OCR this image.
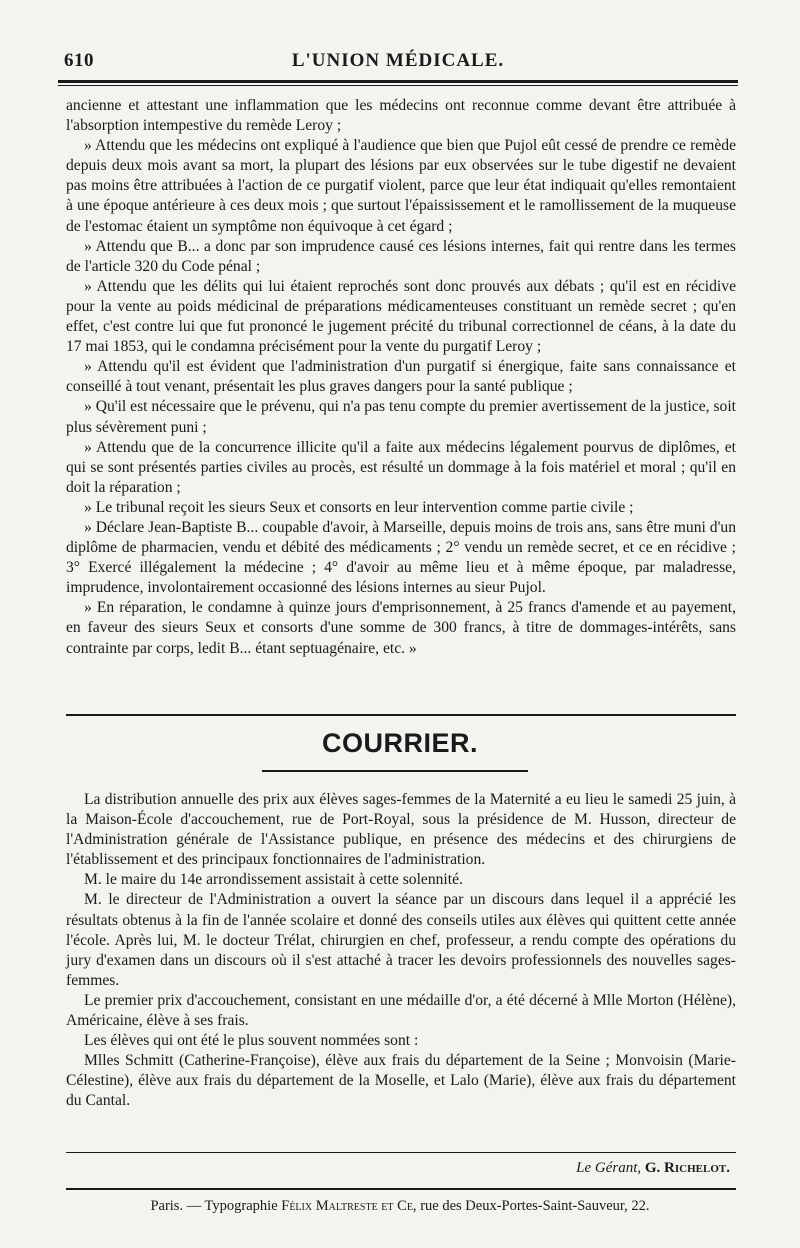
610	L'UNION MÉDICALE.

ancienne et attestant une inflammation que les médecins ont reconnue comme devant être attribuée à l'absorption intempestive du remède Leroy ;

» Attendu que les médecins ont expliqué à l'audience que bien que Pujol eût cessé de prendre ce remède depuis deux mois avant sa mort, la plupart des lésions par eux observées sur le tube digestif ne devaient pas moins être attribuées à l'action de ce purgatif violent, parce que leur état indiquait qu'elles remontaient à une époque antérieure à ces deux mois ; que surtout l'épaississement et le ramollissement de la muqueuse de l'estomac étaient un symptôme non équivoque à cet égard ;

» Attendu que B... a donc par son imprudence causé ces lésions internes, fait qui rentre dans les termes de l'article 320 du Code pénal ;

» Attendu que les délits qui lui étaient reprochés sont donc prouvés aux débats ; qu'il est en récidive pour la vente au poids médicinal de préparations médicamenteuses constituant un remède secret ; qu'en effet, c'est contre lui que fut prononcé le jugement précité du tribunal correctionnel de céans, à la date du 17 mai 1853, qui le condamna précisément pour la vente du purgatif Leroy ;

» Attendu qu'il est évident que l'administration d'un purgatif si énergique, faite sans connaissance et conseillé à tout venant, présentait les plus graves dangers pour la santé publique ;

» Qu'il est nécessaire que le prévenu, qui n'a pas tenu compte du premier avertissement de la justice, soit plus sévèrement puni ;

» Attendu que de la concurrence illicite qu'il a faite aux médecins légalement pourvus de diplômes, et qui se sont présentés parties civiles au procès, est résulté un dommage à la fois matériel et moral ; qu'il en doit la réparation ;

» Le tribunal reçoit les sieurs Seux et consorts en leur intervention comme partie civile ;

» Déclare Jean-Baptiste B... coupable d'avoir, à Marseille, depuis moins de trois ans, sans être muni d'un diplôme de pharmacien, vendu et débité des médicaments ; 2° vendu un remède secret, et ce en récidive ; 3° Exercé illégalement la médecine ; 4° d'avoir au même lieu et à même époque, par maladresse, imprudence, involontairement occasionné des lésions internes au sieur Pujol.

» En réparation, le condamne à quinze jours d'emprisonnement, à 25 francs d'amende et au payement, en faveur des sieurs Seux et consorts d'une somme de 300 francs, à titre de dommages-intérêts, sans contrainte par corps, ledit B... étant septuagénaire, etc. »

COURRIER.

La distribution annuelle des prix aux élèves sages-femmes de la Maternité a eu lieu le samedi 25 juin, à la Maison-École d'accouchement, rue de Port-Royal, sous la présidence de M. Husson, directeur de l'Administration générale de l'Assistance publique, en présence des médecins et des chirurgiens de l'établissement et des principaux fonctionnaires de l'administration.

M. le maire du 14e arrondissement assistait à cette solennité.

M. le directeur de l'Administration a ouvert la séance par un discours dans lequel il a apprécié les résultats obtenus à la fin de l'année scolaire et donné des conseils utiles aux élèves qui quittent cette année l'école. Après lui, M. le docteur Trélat, chirurgien en chef, professeur, a rendu compte des opérations du jury d'examen dans un discours où il s'est attaché à tracer les devoirs professionnels des nouvelles sages-femmes.

Le premier prix d'accouchement, consistant en une médaille d'or, a été décerné à Mlle Morton (Hélène), Américaine, élève à ses frais.

Les élèves qui ont été le plus souvent nommées sont :

Mlles Schmitt (Catherine-Françoise), élève aux frais du département de la Seine ; Monvoisin (Marie-Célestine), élève aux frais du département de la Moselle, et Lalo (Marie), élève aux frais du département du Cantal.

Le Gérant, G. Richelot.
Paris. — Typographie Félix Maltreste et Ce, rue des Deux-Portes-Saint-Sauveur, 22.
